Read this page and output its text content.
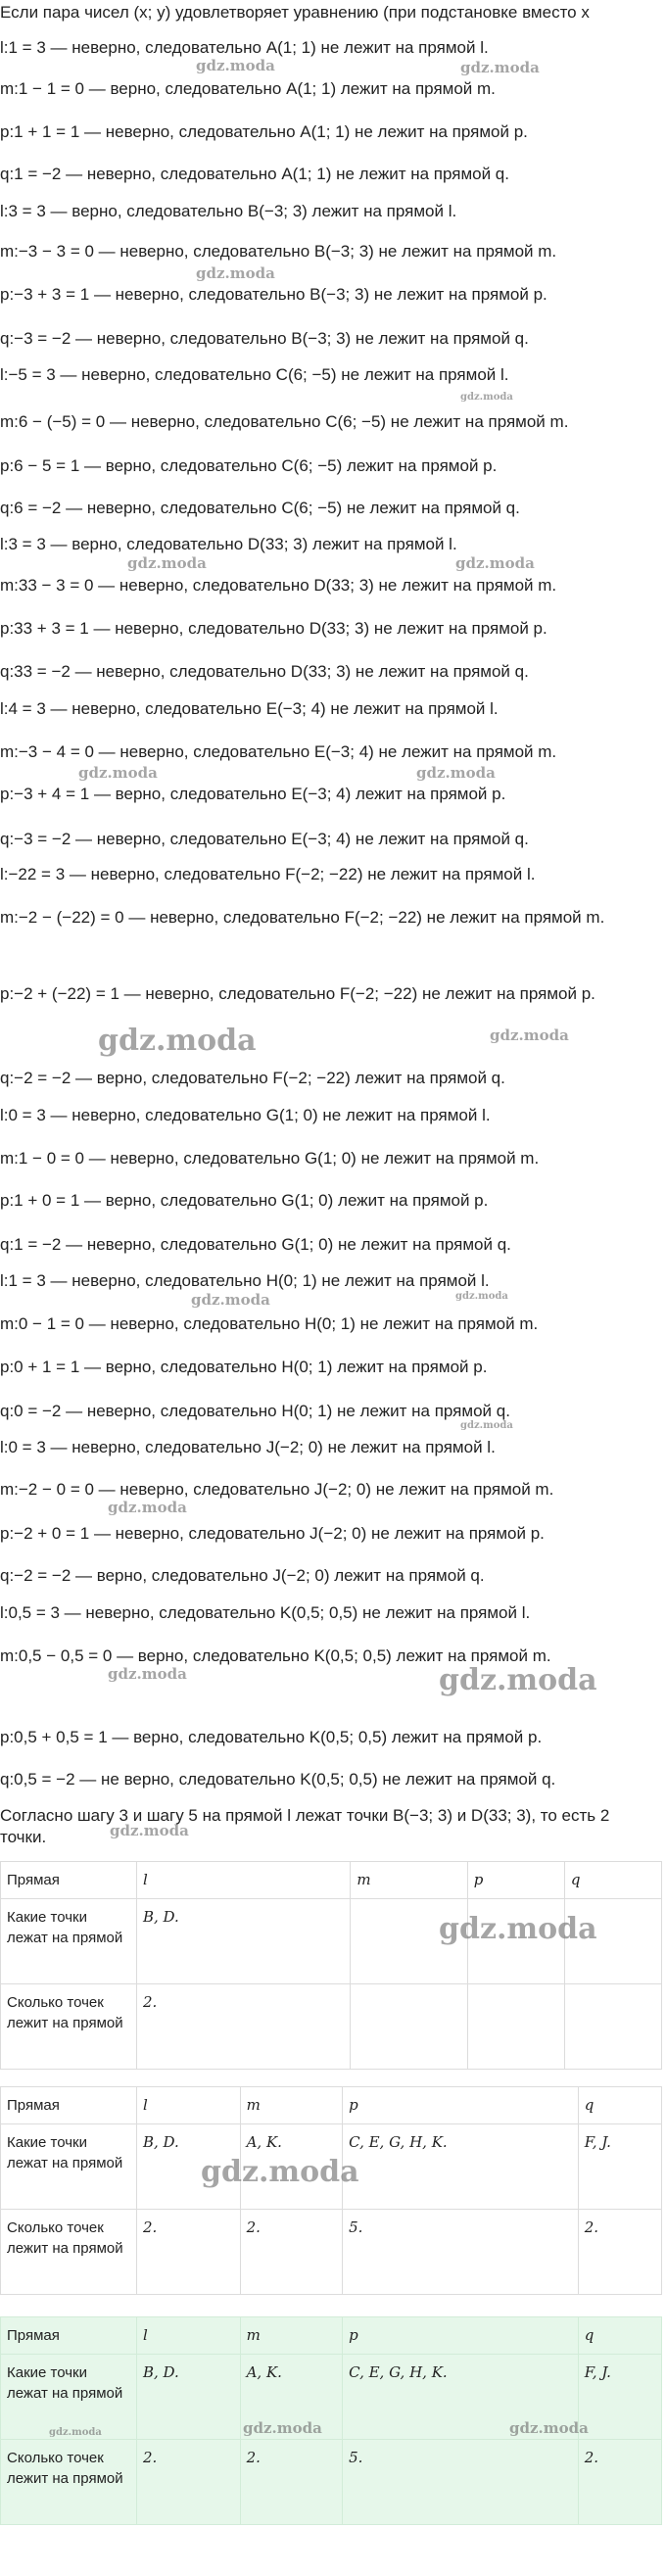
Если пара чисел (x; y) удовлетворяет уравнению (при подстановке вместо x
l:1 = 3 — неверно, следовательно A(1; 1) не лежит на прямой l.
m:1 − 1 = 0 — верно, следовательно A(1; 1) лежит на прямой m.
p:1 + 1 = 1 — неверно, следовательно A(1; 1) не лежит на прямой p.
q:1 = −2 — неверно, следовательно A(1; 1) не лежит на прямой q.
l:3 = 3 — верно, следовательно B(−3; 3) лежит на прямой l.
m:−3 − 3 = 0 — неверно, следовательно B(−3; 3) не лежит на прямой m.
p:−3 + 3 = 1 — неверно, следовательно B(−3; 3) не лежит на прямой p.
q:−3 = −2 — неверно, следовательно B(−3; 3) не лежит на прямой q.
l:−5 = 3 — неверно, следовательно C(6; −5) не лежит на прямой l.
m:6 − (−5) = 0 — неверно, следовательно C(6; −5) не лежит на прямой m.
p:6 − 5 = 1 — верно, следовательно C(6; −5) лежит на прямой p.
q:6 = −2 — неверно, следовательно C(6; −5) не лежит на прямой q.
l:3 = 3 — верно, следовательно D(33; 3) лежит на прямой l.
m:33 − 3 = 0 — неверно, следовательно D(33; 3) не лежит на прямой m.
p:33 + 3 = 1 — неверно, следовательно D(33; 3) не лежит на прямой p.
q:33 = −2 — неверно, следовательно D(33; 3) не лежит на прямой q.
l:4 = 3 — неверно, следовательно E(−3; 4) не лежит на прямой l.
m:−3 − 4 = 0 — неверно, следовательно E(−3; 4) не лежит на прямой m.
p:−3 + 4 = 1 — верно, следовательно E(−3; 4) лежит на прямой p.
q:−3 = −2 — неверно, следовательно E(−3; 4) не лежит на прямой q.
l:−22 = 3 — неверно, следовательно F(−2; −22) не лежит на прямой l.
m:−2 − (−22) = 0 — неверно, следовательно F(−2; −22) не лежит на прямой m.
p:−2 + (−22) = 1 — неверно, следовательно F(−2; −22) не лежит на прямой p.
q:−2 = −2 — верно, следовательно F(−2; −22) лежит на прямой q.
l:0 = 3 — неверно, следовательно G(1; 0) не лежит на прямой l.
m:1 − 0 = 0 — неверно, следовательно G(1; 0) не лежит на прямой m.
p:1 + 0 = 1 — верно, следовательно G(1; 0) лежит на прямой p.
q:1 = −2 — неверно, следовательно G(1; 0) не лежит на прямой q.
l:1 = 3 — неверно, следовательно H(0; 1) не лежит на прямой l.
m:0 − 1 = 0 — неверно, следовательно H(0; 1) не лежит на прямой m.
p:0 + 1 = 1 — верно, следовательно H(0; 1) лежит на прямой p.
q:0 = −2 — неверно, следовательно H(0; 1) не лежит на прямой q.
l:0 = 3 — неверно, следовательно J(−2; 0) не лежит на прямой l.
m:−2 − 0 = 0 — неверно, следовательно J(−2; 0) не лежит на прямой m.
p:−2 + 0 = 1 — неверно, следовательно J(−2; 0) не лежит на прямой p.
q:−2 = −2 — верно, следовательно J(−2; 0) лежит на прямой q.
l:0,5 = 3 — неверно, следовательно K(0,5; 0,5) не лежит на прямой l.
m:0,5 − 0,5 = 0 — верно, следовательно K(0,5; 0,5) лежит на прямой m.
p:0,5 + 0,5 = 1 — верно, следовательно K(0,5; 0,5) лежит на прямой p.
q:0,5 = −2 — не верно, следовательно K(0,5; 0,5) не лежит на прямой q.
Согласно шагу 3 и шагу 5 на прямой l лежат точки B(−3; 3) и D(33; 3), то есть 2 точки.
Прямая	l	m	p	q
Какие точки лежат на прямой	B, D.			
Сколько точек лежит на прямой	2.			
Прямая	l	m	p	q
Какие точки лежат на прямой	B, D.	A, K.	C, E, G, H, K.	F, J.
Сколько точек лежит на прямой	2.	2.	5.	2.
Прямая	l	m	p	q
Какие точки лежат на прямой	B, D.	A, K.	C, E, G, H, K.	F, J.
Сколько точек лежит на прямой	2.	2.	5.	2.
gdz.moda	gdz.moda
gdz.moda
gdz.moda
gdz.moda	gdz.moda
gdz.moda	gdz.moda
gdz.moda	gdz.moda
gdz.moda	gdz.moda
gdz.moda
gdz.moda
gdz.moda	gdz.moda
gdz.moda
gdz.moda
gdz.moda
gdz.moda	gdz.moda	gdz.moda
